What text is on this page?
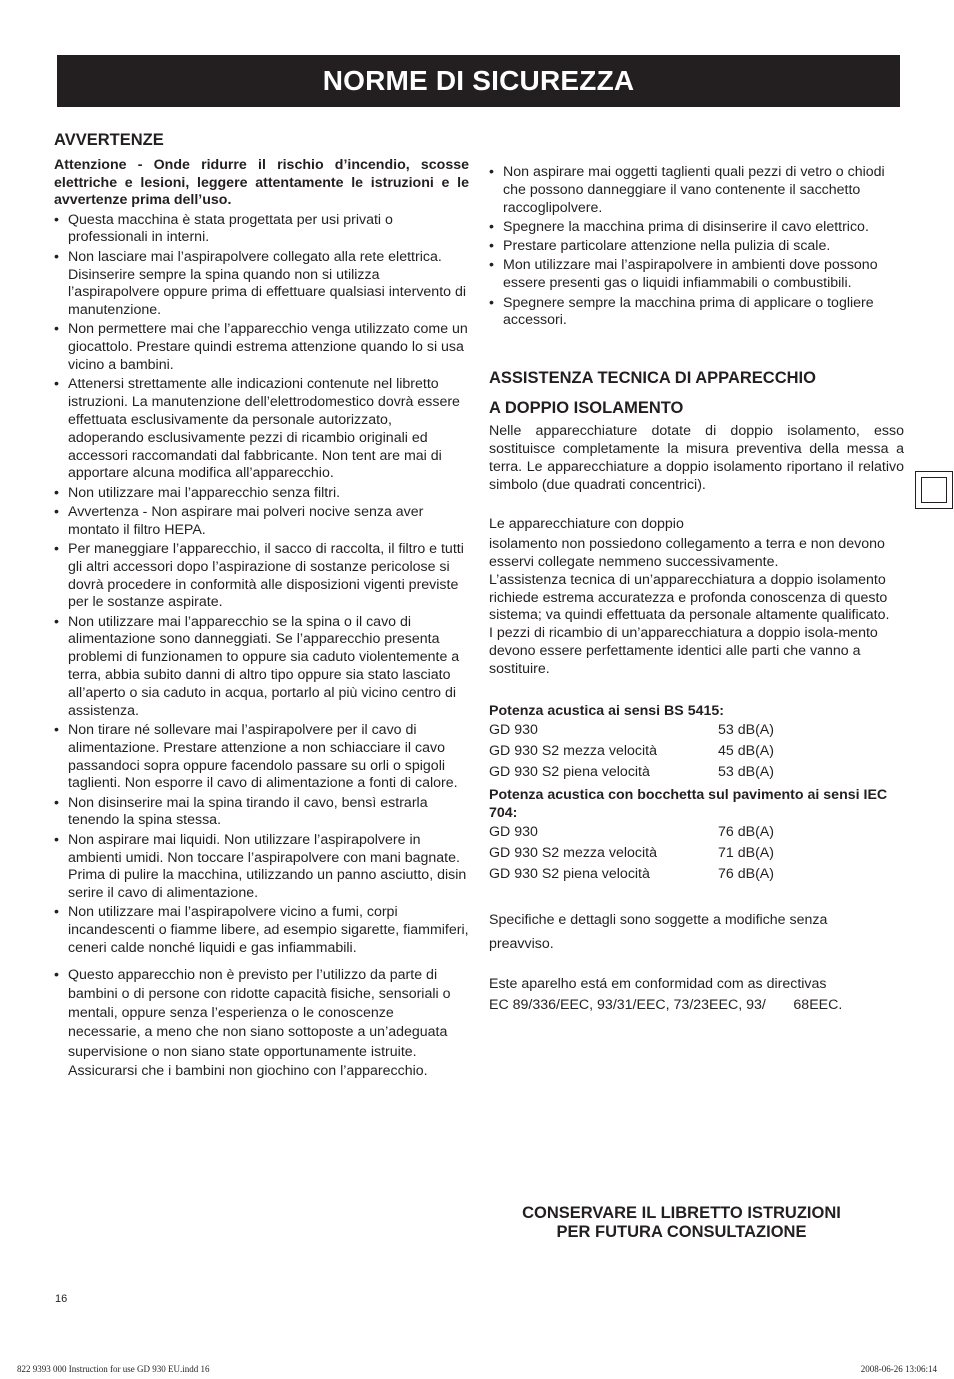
NORME DI SICUREZZA
AVVERTENZE

Attenzione - Onde ridurre il rischio d’incendio, scosse elettriche e lesioni, leggere attentamente le istruzioni e le avvertenze prima dell’uso.

• Questa macchina è stata progettata per usi privati o professionali in interni.
• Non lasciare mai l’aspirapolvere collegato alla rete elettrica. Disinserire sempre la spina quando non si utilizza l’aspirapolvere oppure prima di effettuare qualsiasi intervento di manutenzione.
• Non permettere mai che l’apparecchio venga utilizzato come un giocattolo. Prestare quindi estrema attenzione quando lo si usa vicino a bambini.
• Attenersi strettamente alle indicazioni contenute nel libretto istruzioni. La manutenzione dell’elettrodomestico dovrà essere effettuata esclusivamente da personale autorizzato, adoperando esclusivamente pezzi di ricambio originali ed accessori raccomandati dal fabbricante. Non tent are mai di apportare alcuna modifica all’apparecchio.
• Non utilizzare mai l’apparecchio senza filtri.
• Avvertenza - Non aspirare mai polveri nocive senza aver montato il filtro HEPA.
• Per maneggiare l’apparecchio, il sacco di raccolta, il filtro e tutti gli altri accessori dopo l’aspirazione di sostanze pericolose si dovrà procedere in conformità alle disposizioni vigenti previste per le sostanze aspirate.
• Non utilizzare mai l’apparecchio se la spina o il cavo di alimentazione sono danneggiati. Se l’apparecchio presenta problemi di funzionamen to oppure sia caduto violentemente a terra, abbia subito danni di altro tipo oppure sia stato lasciato all’aperto o sia caduto in acqua, portarlo al più vicino centro di assistenza.
• Non tirare né sollevare mai l’aspirapolvere per il cavo di alimentazione. Prestare attenzione a non schiacciare il cavo passandoci sopra oppure facendolo passare su orli o spigoli taglienti. Non esporre il cavo di alimentazione a fonti di calore.
• Non disinserire mai la spina tirando il cavo, bensì estrarla tenendo la spina stessa.
• Non aspirare mai liquidi. Non utilizzare l’aspirapolvere in ambienti umidi. Non toccare l’aspirapolvere con mani bagnate. Prima di pulire la macchina, utilizzando un panno asciutto, disin serire il cavo di alimentazione.
• Non utilizzare mai l’aspirapolvere vicino a fumi, corpi incandescenti o fiamme libere, ad esempio sigarette, fiammiferi, ceneri calde nonché liquidi e gas infiammabili.
• Questo apparecchio non è previsto per l’utilizzo da parte di bambini o di persone con ridotte capacità fisiche, sensoriali o mentali, oppure senza l’esperienza o le conoscenze necessarie, a meno che non siano sottoposte a un’adeguata supervisione o non siano state opportunamente istruite. Assicurarsi che i bambini non giochino con l’apparecchio.
• Non aspirare mai oggetti taglienti quali pezzi di vetro o chiodi che possono danneggiare il vano contenente il sacchetto raccoglipolvere.
• Spegnere la macchina prima di disinserire il cavo elettrico.
• Prestare particolare attenzione nella pulizia di scale.
• Mon utilizzare mai l’aspirapolvere in ambienti dove possono essere presenti gas o liquidi infiammabili o combustibili.
• Spegnere sempre la macchina prima di applicare o togliere accessori.
ASSISTENZA TECNICA DI APPARECCHIO
A DOPPIO ISOLAMENTO

Nelle apparecchiature dotate di doppio isolamento, esso sostituisce completamente la misura preventiva della messa a terra. Le apparecchiature a doppio isolamento riportano il relativo simbolo (due quadrati concentrici).

Le apparecchiature con doppio

isolamento non possiedono collegamento a terra e non devono esservi collegate nemmeno successivamente.

L’assistenza tecnica di un’apparecchiatura a doppio isolamento richiede estrema accuratezza e profonda conoscenza di questo sistema; va quindi effettuata da personale altamente qualificato.

I pezzi di ricambio di un’apparecchiatura a doppio isola-mento devono essere perfettamente identici alle parti che vanno a sostituire.

Potenza acustica ai sensi BS 5415:

GD 930	53 dB(A)
GD 930 S2 mezza velocità	45 dB(A)
GD 930 S2 piena velocità	53 dB(A)

Potenza acustica con bocchetta sul pavimento ai sensi IEC 704:

GD 930	76 dB(A)
GD 930 S2 mezza velocità	71 dB(A)
GD 930 S2 piena velocità	76 dB(A)

Specifiche e dettagli sono soggette a modifiche senza

preavviso.

Este aparelho está em conformidad com as directivas

EC 89/336/EEC, 93/31/EEC, 73/23EEC, 93/       68EEC.

CONSERVARE IL LIBRETTO ISTRUZIONI
PER FUTURA CONSULTAZIONE
16
822 9393 000 Instruction for use GD 930 EU.indd 16	2008-06-26 13:06:14
